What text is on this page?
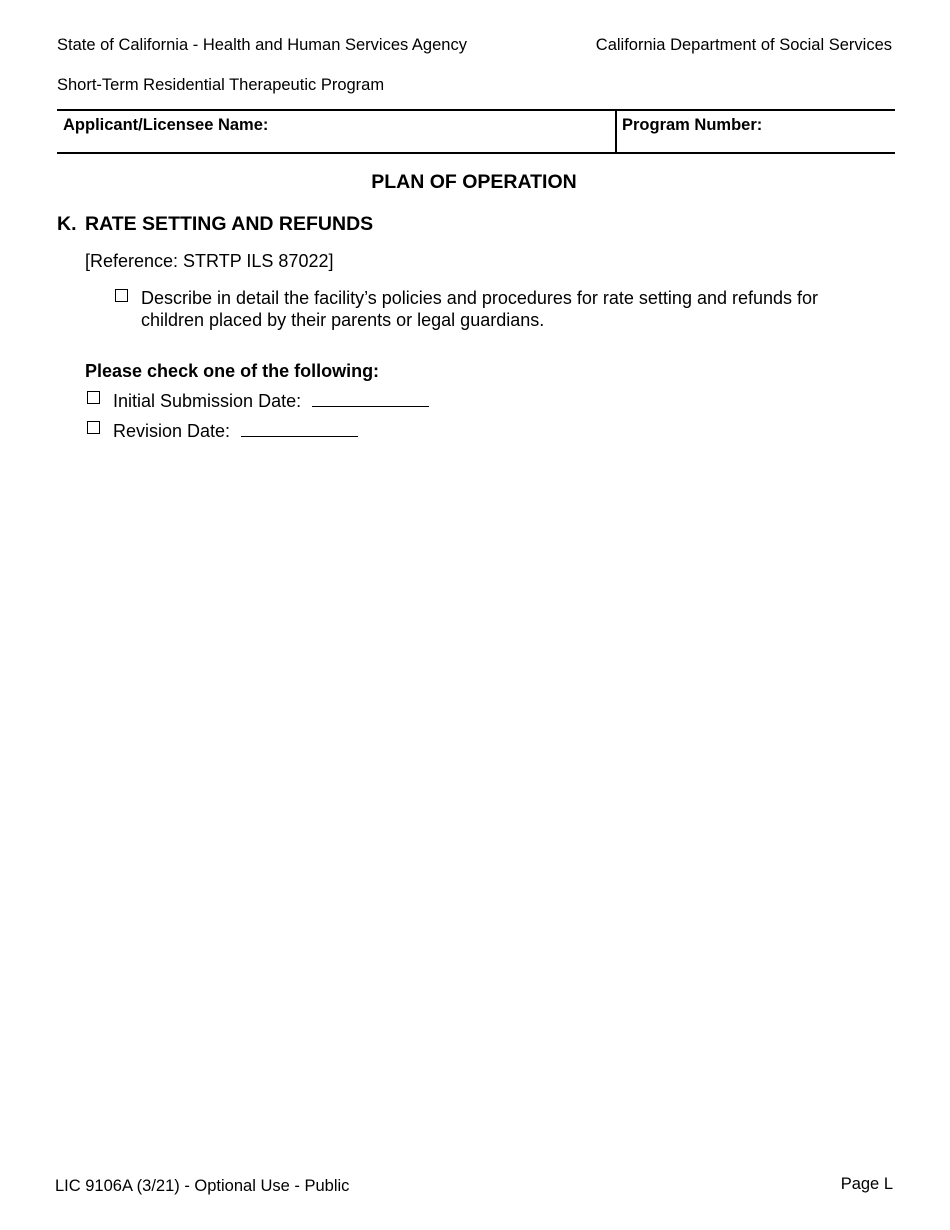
State of California - Health and Human Services Agency	California Department of Social Services
Short-Term Residential Therapeutic Program
Applicant/Licensee Name:	Program Number:
PLAN OF OPERATION
K. RATE SETTING AND REFUNDS
[Reference: STRTP ILS 87022]
Describe in detail the facility’s policies and procedures for rate setting and refunds for children placed by their parents or legal guardians.
Please check one of the following:
Initial Submission Date:
Revision Date:
LIC 9106A (3/21) - Optional Use - Public	Page L
